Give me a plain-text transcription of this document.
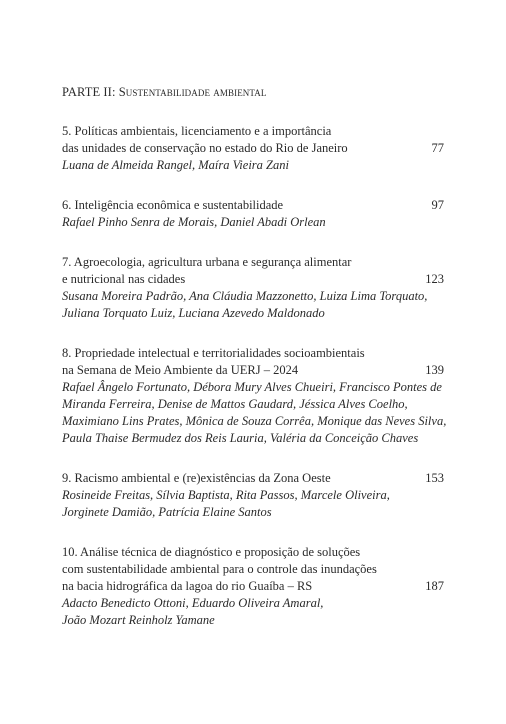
PARTE II: Sustentabilidade ambiental
5. Políticas ambientais, licenciamento e a importância
das unidades de conservação no estado do Rio de Janeiro
Luana de Almeida Rangel, Maíra Vieira Zani
77
6. Inteligência econômica e sustentabilidade
Rafael Pinho Senra de Morais, Daniel Abadi Orlean
97
7. Agroecologia, agricultura urbana e segurança alimentar
e nutricional nas cidades
Susana Moreira Padrão, Ana Cláudia Mazzonetto, Luiza Lima Torquato,
Juliana Torquato Luiz, Luciana Azevedo Maldonado
123
8. Propriedade intelectual e territorialidades socioambientais
na Semana de Meio Ambiente da UERJ – 2024
Rafael Ângelo Fortunato, Débora Mury Alves Chueiri, Francisco Pontes de
Miranda Ferreira, Denise de Mattos Gaudard, Jéssica Alves Coelho,
Maximiano Lins Prates, Mônica de Souza Corrêa, Monique das Neves Silva,
Paula Thaise Bermudez dos Reis Lauria, Valéria da Conceição Chaves
139
9. Racismo ambiental e (re)existências da Zona Oeste
Rosineide Freitas, Sílvia Baptista, Rita Passos, Marcele Oliveira,
Jorginete Damião, Patrícia Elaine Santos
153
10. Análise técnica de diagnóstico e proposição de soluções
com sustentabilidade ambiental para o controle das inundações
na bacia hidrográfica da lagoa do rio Guaíba – RS
Adacto Benedicto Ottoni, Eduardo Oliveira Amaral,
João Mozart Reinholz Yamane
187
